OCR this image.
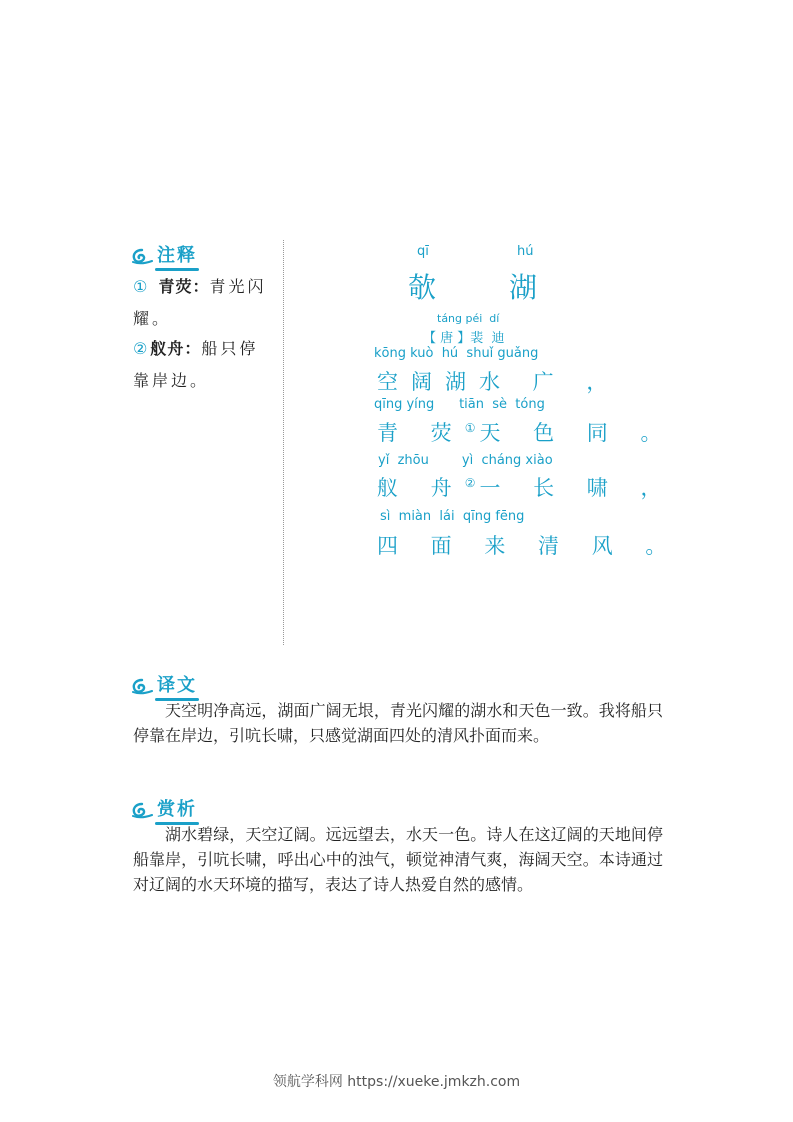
注释
① 青荧：青光闪耀。
②舣舟：船只停靠岸边。
qī	hú
欹	湖
táng péi  dí
【 唐 】裴  迪
kōng kuò  hú  shuǐ guǎng
空阔湖水 广 ，
qīng yíng      tiān  sè  tóng
青 荧①天 色 同 。
yǐ  zhōu        yì  cháng xiào
舣 舟②一 长 啸 ，
sì  miàn  lái  qīng fēng
四 面 来 清 风 。
译文

天空明净高远，湖面广阔无垠，青光闪耀的湖水和天色一致。我将船只停靠在岸边，引吭长啸，只感觉湖面四处的清风扑面而来。

赏析

湖水碧绿，天空辽阔。远远望去，水天一色。诗人在这辽阔的天地间停船靠岸，引吭长啸，呼出心中的浊气，顿觉神清气爽，海阔天空。本诗通过对辽阔的水天环境的描写，表达了诗人热爱自然的感情。

领航学科网 https://xueke.jmkzh.com
